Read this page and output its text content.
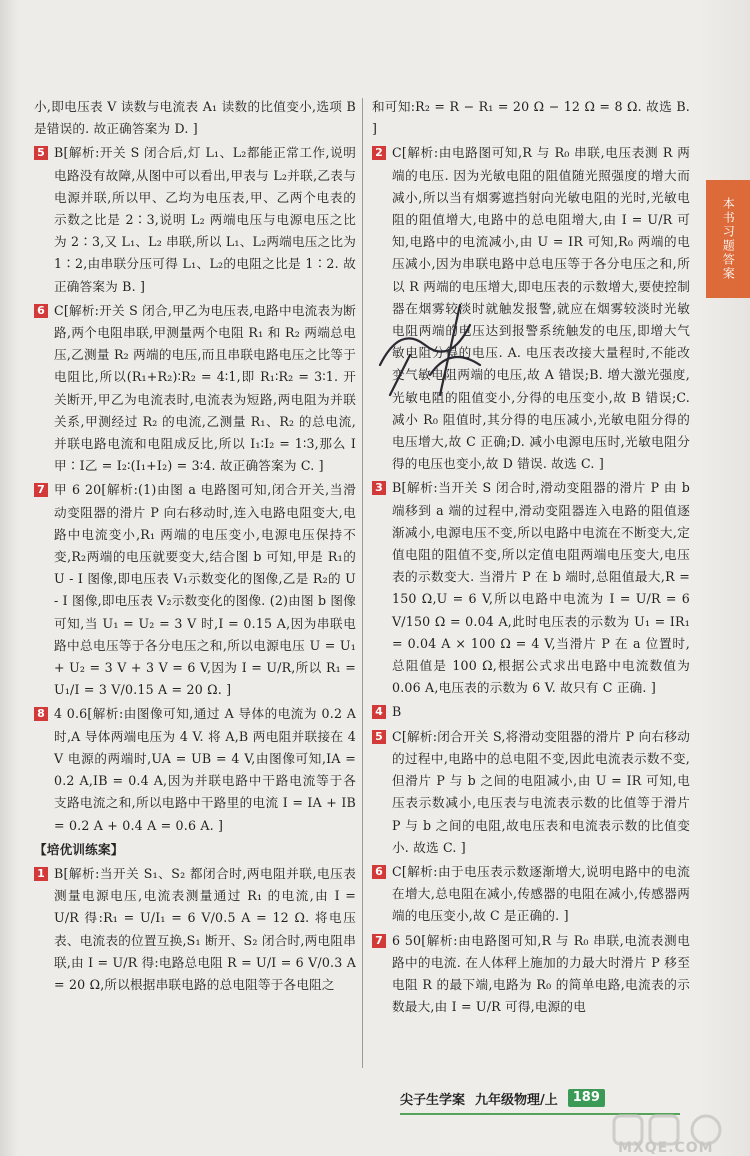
本书习题答案
小,即电压表 V 读数与电流表 A₁ 读数的比值变小,选项 B 是错误的. 故正确答案为 D. ]
5 B[解析:开关 S 闭合后,灯 L₁、L₂都能正常工作,说明电路没有故障,从图中可以看出,甲表与 L₂并联,乙表与电源并联,所以甲、乙均为电压表,甲、乙两个电表的示数之比是 2∶3,说明 L₂ 两端电压与电源电压之比为 2∶3,又 L₁、L₂ 串联,所以 L₁、L₂两端电压之比为 1∶2,由串联分压可得 L₁、L₂的电阻之比是 1∶2. 故正确答案为 B. ]
6 C[解析:开关 S 闭合,甲乙为电压表,电路中电流表为断路,两个电阻串联,甲测量两个电阻 R₁ 和 R₂ 两端总电压,乙测量 R₂ 两端的电压,而且串联电路电压之比等于电阻比,所以(R₁+R₂)∶R₂ = 4∶1,即 R₁∶R₂ = 3∶1. 开关断开,甲乙为电流表时,电流表为短路,两电阻为并联关系,甲测经过 R₂ 的电流,乙测量 R₁、R₂ 的总电流,并联电路电流和电阻成反比,所以 I₁∶I₂ = 1∶3,那么 I甲∶I乙 = I₂∶(I₁+I₂) = 3∶4. 故正确答案为 C. ]
7 甲 6 20[解析:(1)由图 a 电路图可知,闭合开关,当滑动变阻器的滑片 P 向右移动时,连入电路电阻变大,电路中电流变小,R₁ 两端的电压变小,电源电压保持不变,R₂两端的电压就要变大,结合图 b 可知,甲是 R₁的 U - I 图像,即电压表 V₁示数变化的图像,乙是 R₂的 U - I 图像,即电压表 V₂示数变化的图像. (2)由图 b 图像可知,当 U₁ = U₂ = 3 V 时,I = 0.15 A,因为串联电路中总电压等于各分电压之和,所以电源电压 U = U₁ + U₂ = 3 V + 3 V = 6 V,因为 I = U/R,所以 R₁ = U₁/I = 3 V/0.15 A = 20 Ω. ]
8 4 0.6[解析:由图像可知,通过 A 导体的电流为 0.2 A 时,A 导体两端电压为 4 V. 将 A,B 两电阻并联接在 4 V 电源的两端时,UA = UB = 4 V,由图像可知,IA = 0.2 A,IB = 0.4 A,因为并联电路中干路电流等于各支路电流之和,所以电路中干路里的电流 I = IA + IB = 0.2 A + 0.4 A = 0.6 A. ]
【培优训练案】
1 B[解析:当开关 S₁、S₂ 都闭合时,两电阻并联,电压表测量电源电压,电流表测量通过 R₁ 的电流,由 I = U/R 得:R₁ = U/I₁ = 6 V/0.5 A = 12 Ω. 将电压表、电流表的位置互换,S₁ 断开、S₂ 闭合时,两电阻串联,由 I = U/R 得:电路总电阻 R = U/I = 6 V/0.3 A = 20 Ω,所以根据串联电路的总电阻等于各电阻之
和可知:R₂ = R − R₁ = 20 Ω − 12 Ω = 8 Ω. 故选 B. ]
2 C[解析:由电路图可知,R 与 R₀ 串联,电压表测 R 两端的电压. 因为光敏电阻的阻值随光照强度的增大而减小,所以当有烟雾遮挡射向光敏电阻的光时,光敏电阻的阻值增大,电路中的总电阻增大,由 I = U/R 可知,电路中的电流减小,由 U = IR 可知,R₀ 两端的电压减小,因为串联电路中总电压等于各分电压之和,所以 R 两端的电压增大,即电压表的示数增大,要使控制器在烟雾较淡时就触发报警,就应在烟雾较淡时光敏电阻两端的电压达到报警系统触发的电压,即增大气敏电阻分得的电压. A. 电压表改接大量程时,不能改变气敏电阻两端的电压,故 A 错误;B. 增大激光强度,光敏电阻的阻值变小,分得的电压变小,故 B 错误;C. 减小 R₀ 阻值时,其分得的电压减小,光敏电阻分得的电压增大,故 C 正确;D. 减小电源电压时,光敏电阻分得的电压也变小,故 D 错误. 故选 C. ]
3 B[解析:当开关 S 闭合时,滑动变阻器的滑片 P 由 b 端移到 a 端的过程中,滑动变阻器连入电路的阻值逐渐减小,电源电压不变,所以电路中电流在不断变大,定值电阻的阻值不变,所以定值电阻两端电压变大,电压表的示数变大. 当滑片 P 在 b 端时,总阻值最大,R = 150 Ω,U = 6 V,所以电路中电流为 I = U/R = 6 V/150 Ω = 0.04 A,此时电压表的示数为 U₁ = IR₁ = 0.04 A × 100 Ω = 4 V,当滑片 P 在 a 位置时,总阻值是 100 Ω,根据公式求出电路中电流数值为 0.06 A,电压表的示数为 6 V. 故只有 C 正确. ]
4 B
5 C[解析:闭合开关 S,将滑动变阻器的滑片 P 向右移动的过程中,电路中的总电阻不变,因此电流表示数不变,但滑片 P 与 b 之间的电阻减小,由 U = IR 可知,电压表示数减小,电压表与电流表示数的比值等于滑片 P 与 b 之间的电阻,故电压表和电流表示数的比值变小. 故选 C. ]
6 C[解析:由于电压表示数逐渐增大,说明电路中的电流在增大,总电阻在减小,传感器的电阻在减小,传感器两端的电压变小,故 C 是正确的. ]
7 6 50[解析:由电路图可知,R 与 R₀ 串联,电流表测电路中的电流. 在人体秤上施加的力最大时滑片 P 移至电阻 R 的最下端,电路为 R₀ 的简单电路,电流表的示数最大,由 I = U/R 可得,电源的电
尖子生学案 九年级物理/上	189
MXQE.COM
